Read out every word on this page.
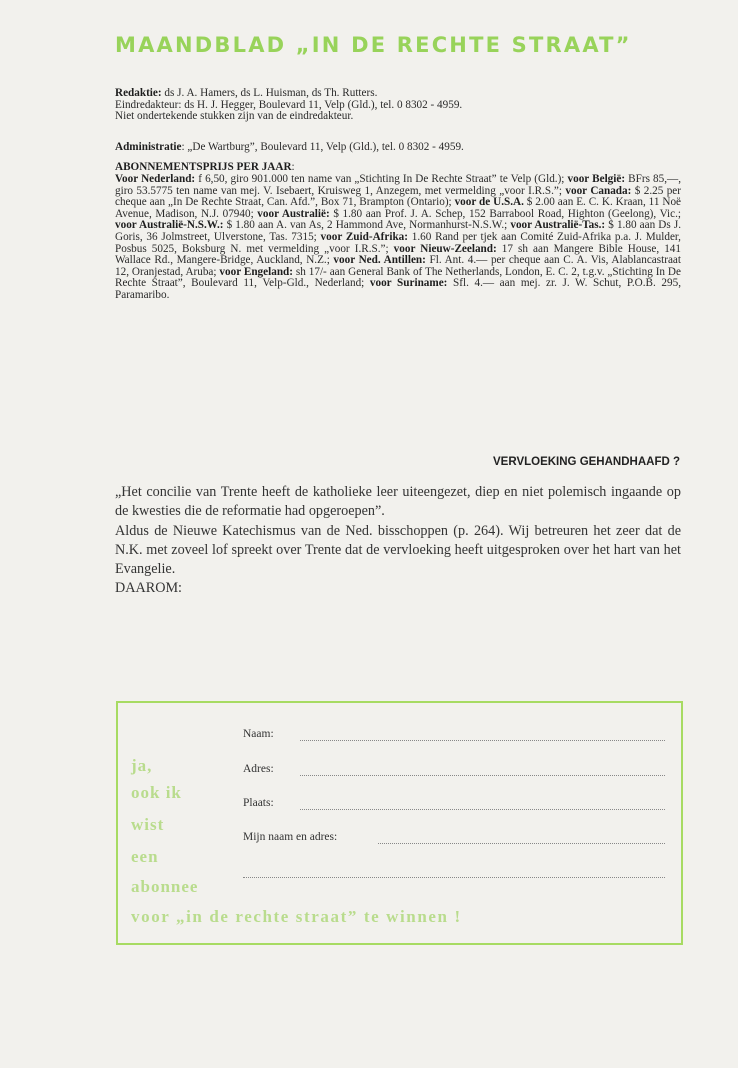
MAANDBLAD „IN DE RECHTE STRAAT”

Redaktie: ds J. A. Hamers, ds L. Huisman, ds Th. Rutters.

Eindredakteur: ds H. J. Hegger, Boulevard 11, Velp (Gld.), tel. 0 8302 - 4959.

Niet ondertekende stukken zijn van de eindredakteur.

Administratie: „De Wartburg”, Boulevard 11, Velp (Gld.), tel. 0 8302 - 4959.
ABONNEMENTSPRIJS PER JAAR:
Voor Nederland: f 6,50, giro 901.000 ten name van „Stichting In De Rechte Straat” te Velp (Gld.); voor België: BFrs 85,—, giro 53.5775 ten name van mej. V. Isebaert, Kruisweg 1, Anzegem, met vermelding „voor I.R.S.”; voor Canada: $ 2.25 per cheque aan „In De Rechte Straat, Can. Afd.”, Box 71, Brampton (Ontario); voor de U.S.A. $ 2.00 aan E. C. K. Kraan, 11 Noë Avenue, Madison, N.J. 07940; voor Australië: $ 1.80 aan Prof. J. A. Schep, 152 Barrabool Road, Highton (Geelong), Vic.; voor Australië-N.S.W.: $ 1.80 aan A. van As, 2 Hammond Ave, Normanhurst-N.S.W.; voor Australië-Tas.: $ 1.80 aan Ds J. Goris, 36 Jolmstreet, Ulverstone, Tas. 7315; voor Zuid-Afrika: 1.60 Rand per tjek aan Comité Zuid-Afrika p.a. J. Mulder, Posbus 5025, Boksburg N. met vermelding „voor I.R.S.”; voor Nieuw-Zeeland: 17 sh aan Mangere Bible House, 141 Wallace Rd., Mangere-Bridge, Auckland, N.Z.; voor Ned. Antillen: Fl. Ant. 4.— per cheque aan C. A. Vis, Alablancastraat 12, Oranjestad, Aruba; voor Engeland: sh 17/- aan General Bank of The Netherlands, London, E. C. 2, t.g.v. „Stichting In De Rechte Straat”, Boulevard 11, Velp-Gld., Nederland; voor Suriname: Sfl. 4.— aan mej. zr. J. W. Schut, P.O.B. 295, Paramaribo.
VERVLOEKING GEHANDHAAFD ?

„Het concilie van Trente heeft de katholieke leer uiteengezet, diep en niet polemisch ingaande op de kwesties die de reformatie had opgeroepen”.

Aldus de Nieuwe Katechismus van de Ned. bisschoppen (p. 264). Wij betreuren het zeer dat de N.K. met zoveel lof spreekt over Trente dat de vervloeking heeft uitgesproken over het hart van het Evangelie.

DAAROM:

Naam:
Adres:
Plaats:
Mijn naam en adres:
ja,
ook ik
wist
een
abonnee
voor „in de rechte straat” te winnen !
